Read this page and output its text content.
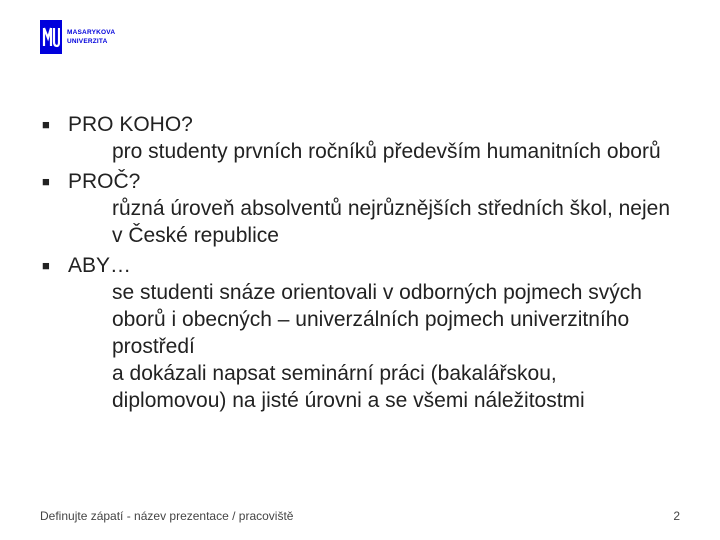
MASARYKOVA
UNIVERZITA
■ PRO KOHO?
pro studenty prvních ročníků především humanitních oborů
■ PROČ?
různá úroveň absolventů nejrůznějších středních škol, nejen v České republice
■ ABY…
se studenti snáze orientovali v odborných pojmech svých oborů i obecných – univerzálních pojmech univerzitního prostředí
a dokázali napsat seminární práci (bakalářskou, diplomovou) na jisté úrovni a se všemi náležitostmi
Definujte zápatí - název prezentace / pracoviště	2
